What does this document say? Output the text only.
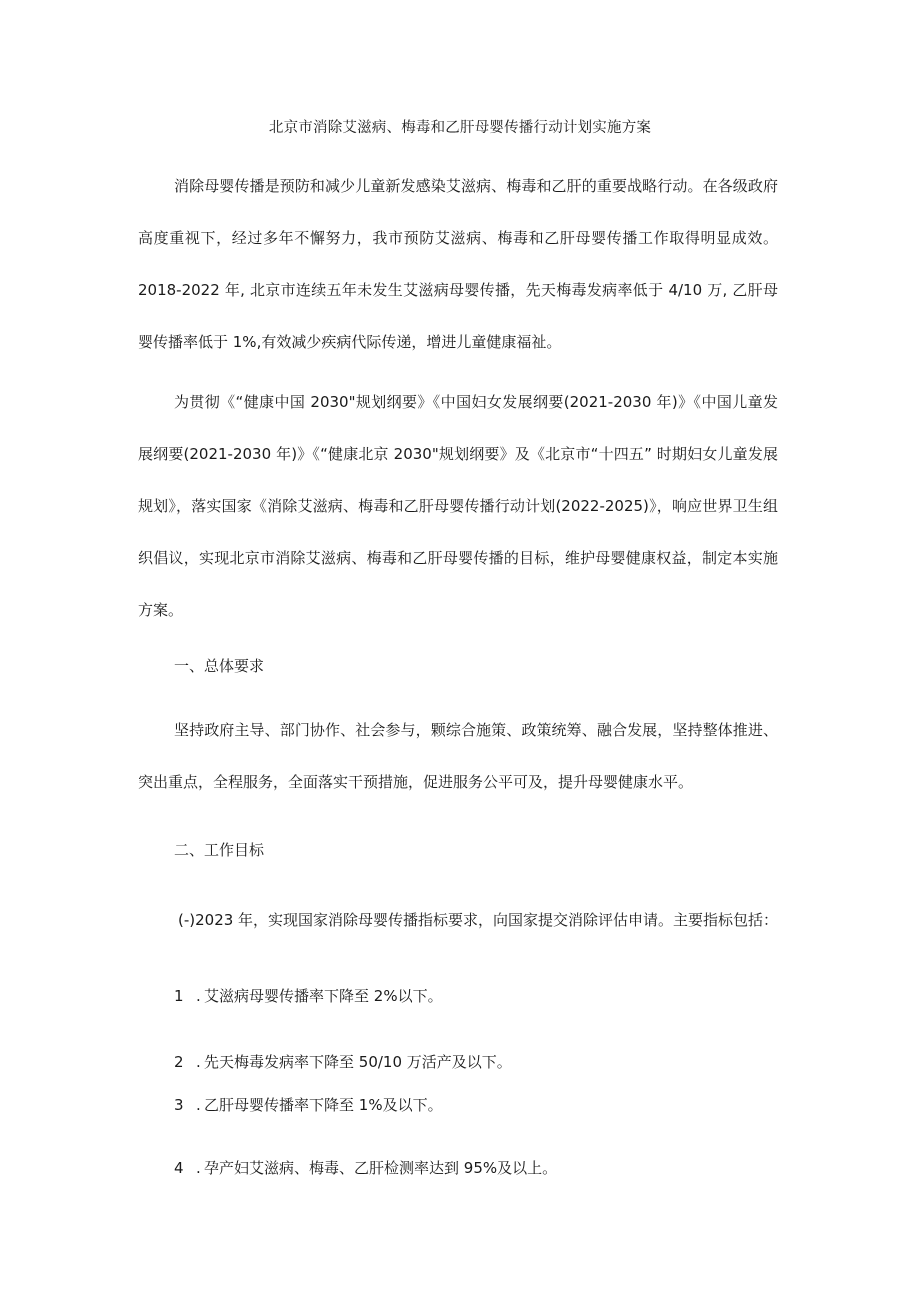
北京市消除艾滋病、梅毒和乙肝母婴传播行动计划实施方案

消除母婴传播是预防和减少儿童新发感染艾滋病、梅毒和乙肝的重要战略行动。在各级政府高度重视下，经过多年不懈努力，我市预防艾滋病、梅毒和乙肝母婴传播工作取得明显成效。2018-2022 年, 北京市连续五年未发生艾滋病母婴传播，先天梅毒发病率低于 4/10 万, 乙肝母婴传播率低于 1%,有效减少疾病代际传递，增进儿童健康福祉。

为贯彻《“健康中国 2030"规划纲要》《中国妇女发展纲要(2021-2030 年)》《中国儿童发展纲要(2021-2030 年)》《“健康北京 2030"规划纲要》及《北京市“十四五” 时期妇女儿童发展规划》，落实国家《消除艾滋病、梅毒和乙肝母婴传播行动计划(2022-2025)》，响应世界卫生组织倡议，实现北京市消除艾滋病、梅毒和乙肝母婴传播的目标，维护母婴健康权益，制定本实施方案。

一、总体要求

坚持政府主导、部门协作、社会参与，颗综合施策、政策统筹、融合发展，坚持整体推进、突出重点，全程服务，全面落实干预措施，促进服务公平可及，提升母婴健康水平。

二、工作目标

(-)2023 年，实现国家消除母婴传播指标要求，向国家提交消除评估申请。主要指标包括：

1 . 艾滋病母婴传播率下降至 2%以下。

2 . 先天梅毒发病率下降至 50/10 万活产及以下。

3 . 乙肝母婴传播率下降至 1%及以下。

4 . 孕产妇艾滋病、梅毒、乙肝检测率达到 95%及以上。
